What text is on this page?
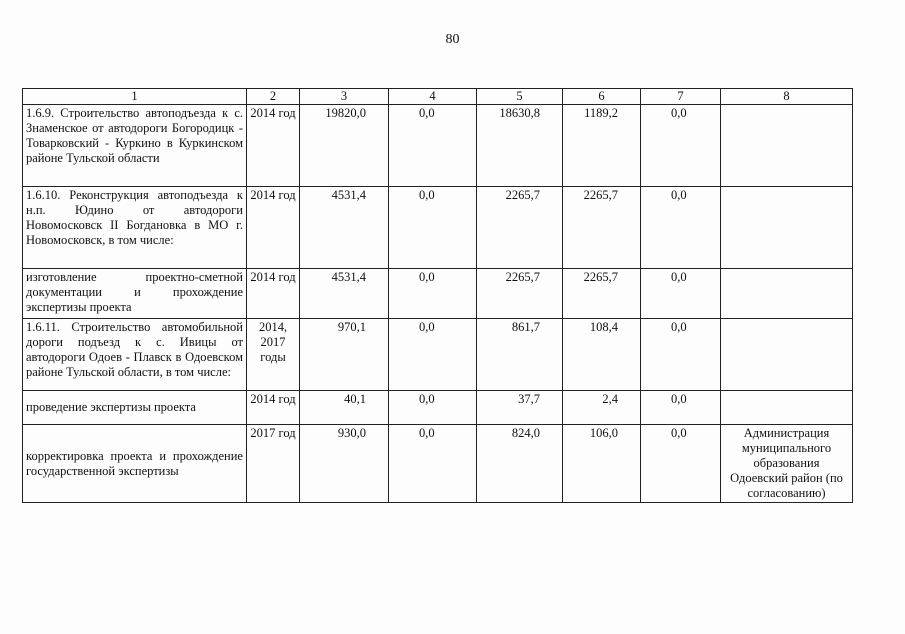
80
1	2	3	4	5	6	7	8
1.6.9. Строительство автоподъезда к с. Знаменское от автодороги Богородицк - Товарковский - Куркино в Куркинском районе Тульской области	2014 год	19820,0	0,0	18630,8	1189,2	0,0	
1.6.10. Реконструкция автоподъезда к н.п. Юдино от автодороги Новомосковск II Богдановка в МО г. Новомосковск, в том числе:	2014 год	4531,4	0,0	2265,7	2265,7	0,0	
изготовление проектно-сметной документации и прохождение экспертизы проекта	2014 год	4531,4	0,0	2265,7	2265,7	0,0	
1.6.11. Строительство автомобильной дороги подъезд к с. Ивицы от автодороги Одоев - Плавск в Одоевском районе Тульской области, в том числе:	2014, 2017 годы	970,1	0,0	861,7	108,4	0,0	
проведение экспертизы проекта	2014 год	40,1	0,0	37,7	2,4	0,0	
корректировка проекта и прохождение государственной экспертизы	2017 год	930,0	0,0	824,0	106,0	0,0	Администрация муниципального образования Одоевский район (по согласованию)
